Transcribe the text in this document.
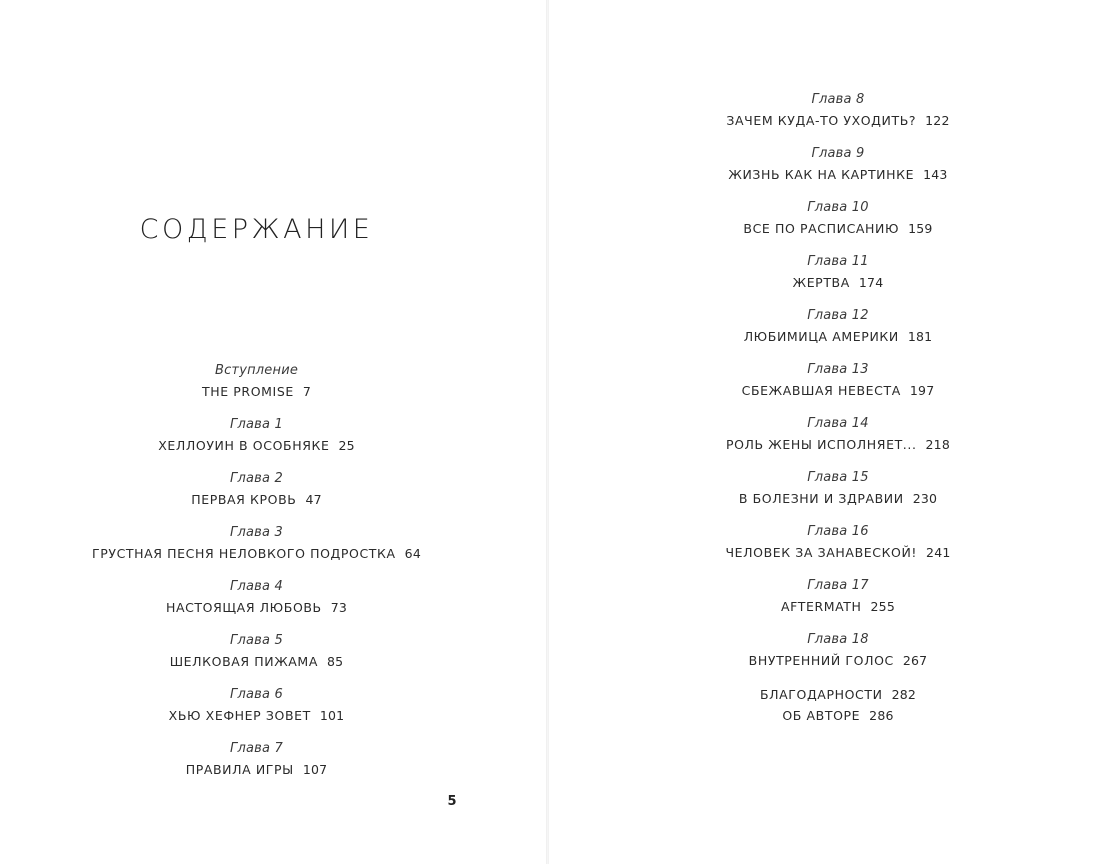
СОДЕРЖАНИЕ
Вступление
THE PROMISE 7
Глава 1
ХЕЛЛОУИН В ОСОБНЯКЕ 25
Глава 2
ПЕРВАЯ КРОВЬ 47
Глава 3
ГРУСТНАЯ ПЕСНЯ НЕЛОВКОГО ПОДРОСТКА 64
Глава 4
НАСТОЯЩАЯ ЛЮБОВЬ 73
Глава 5
ШЕЛКОВАЯ ПИЖАМА 85
Глава 6
ХЬЮ ХЕФНЕР ЗОВЕТ 101
Глава 7
ПРАВИЛА ИГРЫ 107
5
Глава 8
ЗАЧЕМ КУДА-ТО УХОДИТЬ? 122
Глава 9
ЖИЗНЬ КАК НА КАРТИНКЕ 143
Глава 10
ВСЕ ПО РАСПИСАНИЮ 159
Глава 11
ЖЕРТВА 174
Глава 12
ЛЮБИМИЦА АМЕРИКИ 181
Глава 13
СБЕЖАВШАЯ НЕВЕСТА 197
Глава 14
РОЛЬ ЖЕНЫ ИСПОЛНЯЕТ... 218
Глава 15
В БОЛЕЗНИ И ЗДРАВИИ 230
Глава 16
ЧЕЛОВЕК ЗА ЗАНАВЕСКОЙ! 241
Глава 17
AFTERMATH 255
Глава 18
ВНУТРЕННИЙ ГОЛОС 267
БЛАГОДАРНОСТИ 282
ОБ АВТОРЕ 286
